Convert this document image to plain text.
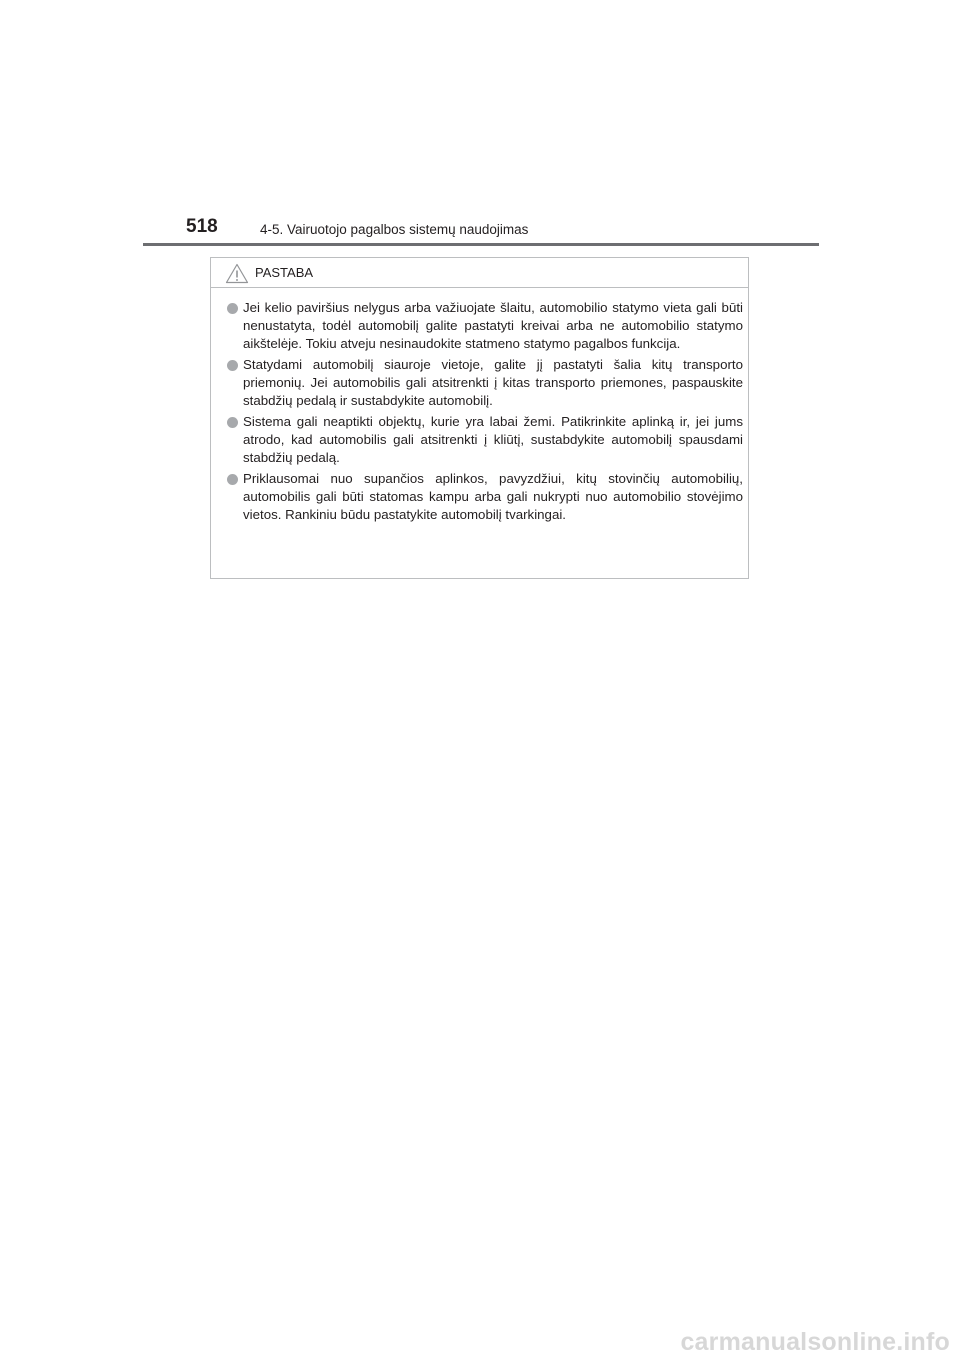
518	4-5. Vairuotojo pagalbos sistemų naudojimas
PASTABA
Jei kelio paviršius nelygus arba važiuojate šlaitu, automobilio statymo vieta gali būti nenustatyta, todėl automobilį galite pastatyti kreivai arba ne automobilio statymo aikštelėje. Tokiu atveju nesinaudokite statmeno statymo pagalbos funkcija.
Statydami automobilį siauroje vietoje, galite jį pastatyti šalia kitų transporto priemonių. Jei automobilis gali atsitrenkti į kitas transporto priemones, paspauskite stabdžių pedalą ir sustabdykite automobilį.
Sistema gali neaptikti objektų, kurie yra labai žemi. Patikrinkite aplinką ir, jei jums atrodo, kad automobilis gali atsitrenkti į kliūtį, sustabdykite automobilį spausdami stabdžių pedalą.
Priklausomai nuo supančios aplinkos, pavyzdžiui, kitų stovinčių automobilių, automobilis gali būti statomas kampu arba gali nukrypti nuo automobilio stovėjimo vietos. Rankiniu būdu pastatykite automobilį tvarkingai.
carmanualsonline.info
